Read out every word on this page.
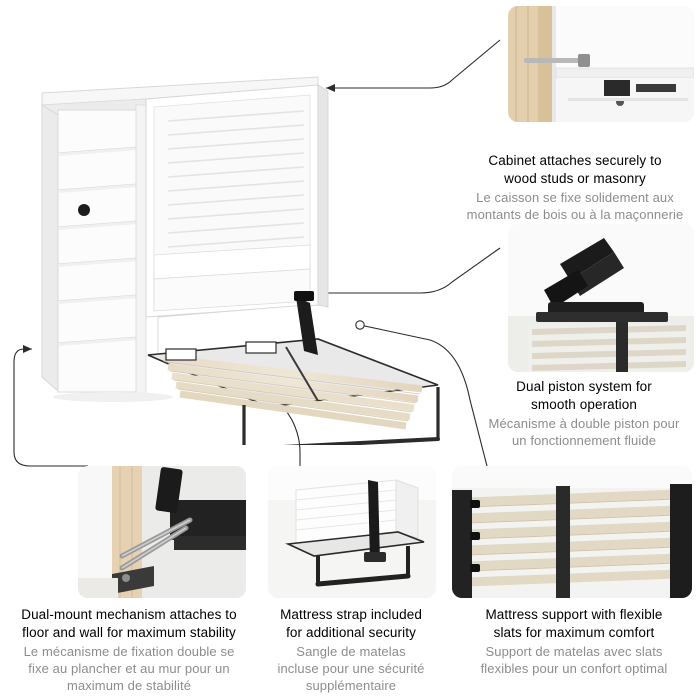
Cabinet attaches securely to
wood studs or masonry
Le caisson se fixe solidement aux
montants de bois ou à la maçonnerie
Dual piston system for
smooth operation
Mécanisme à double piston pour
un fonctionnement fluide
Mattress support with flexible
slats for maximum comfort
Support de matelas avec slats
flexibles pour un confort optimal
Mattress strap included
for additional security
Sangle de matelas
incluse pour une sécurité
supplémentaire
Dual-mount mechanism attaches to
floor and wall for maximum stability
Le mécanisme de fixation double se
fixe au plancher et au mur pour un
maximum de stabilité
